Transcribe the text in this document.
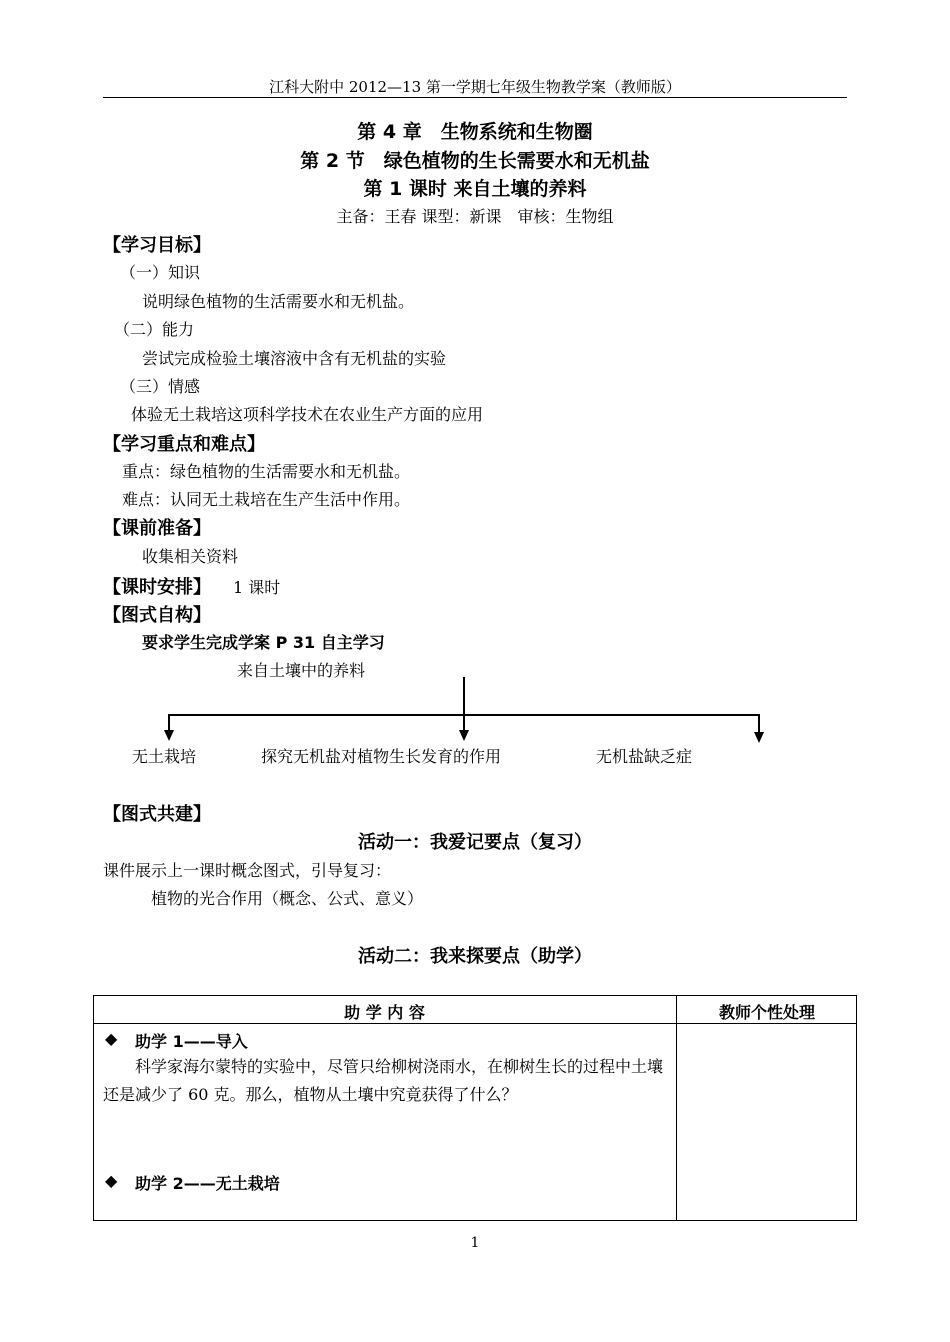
江科大附中 2012—13 第一学期七年级生物教学案（教师版）
第 4 章　生物系统和生物圈
第 2 节　绿色植物的生长需要水和无机盐
第 1 课时 来自土壤的养料
主备：王春 课型：新课　审核：生物组
【学习目标】
（一）知识
说明绿色植物的生活需要水和无机盐。
（二）能力
尝试完成检验土壤溶液中含有无机盐的实验
（三）情感
体验无土栽培这项科学技术在农业生产方面的应用
【学习重点和难点】
重点：绿色植物的生活需要水和无机盐。
难点：认同无土栽培在生产生活中作用。
【课前准备】
收集相关资料
【课时安排】 1 课时
【图式自构】
要求学生完成学案 P 31 自主学习
来自土壤中的养料
无土栽培	探究无机盐对植物生长发育的作用	无机盐缺乏症
【图式共建】
活动一：我爱记要点（复习）
课件展示上一课时概念图式，引导复习：
植物的光合作用（概念、公式、意义）
活动二：我来探要点（助学）
助 学 内 容	教师个性处理
◆ 助学 1——导入
科学家海尔蒙特的实验中，尽管只给柳树浇雨水，在柳树生长的过程中土壤还是减少了 60 克。那么，植物从土壤中究竟获得了什么？
◆ 助学 2——无土栽培
1
